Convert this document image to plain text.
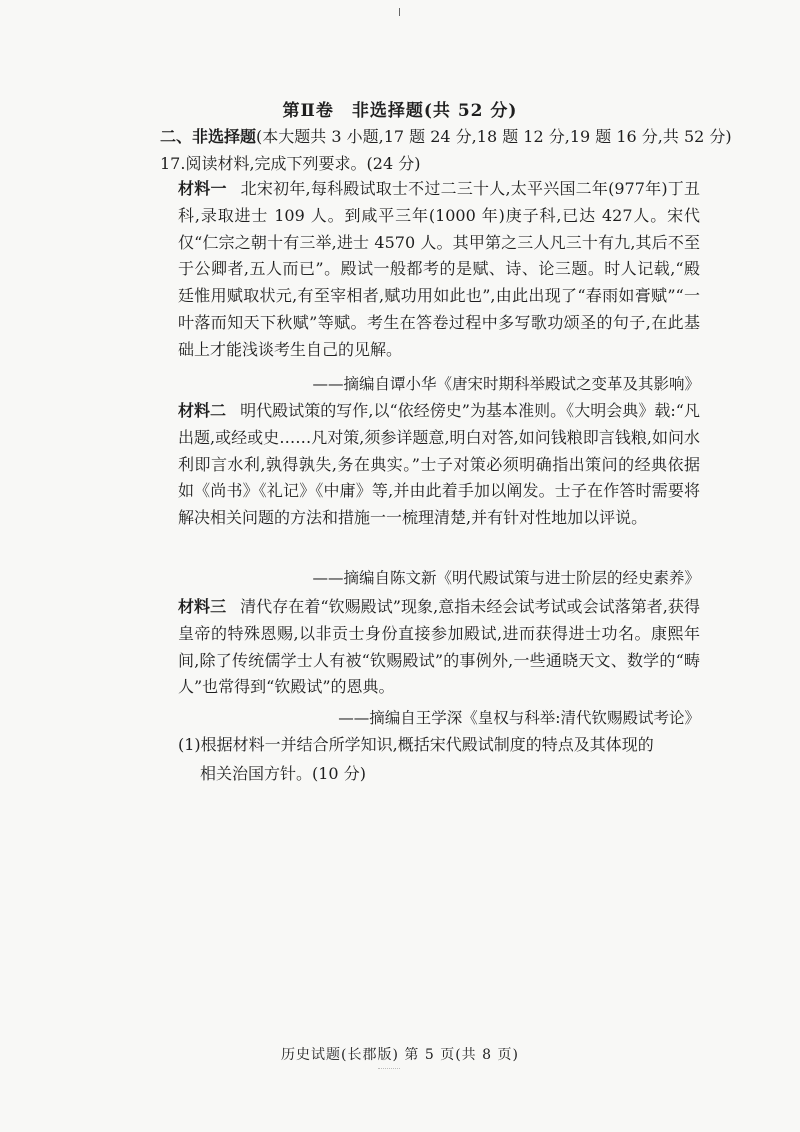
第Ⅱ卷　非选择题(共 52 分)
二、非选择题(本大题共 3 小题,17 题 24 分,18 题 12 分,19 题 16 分,共 52 分)
17.阅读材料,完成下列要求。(24 分)
材料一 北宋初年,每科殿试取士不过二三十人,太平兴国二年(977年)丁丑科,录取进士 109 人。到咸平三年(1000 年)庚子科,已达 427人。宋代仅“仁宗之朝十有三举,进士 4570 人。其甲第之三人凡三十有九,其后不至于公卿者,五人而已”。殿试一般都考的是赋、诗、论三题。时人记载,“殿廷惟用赋取状元,有至宰相者,赋功用如此也”,由此出现了“春雨如膏赋”“一叶落而知天下秋赋”等赋。考生在答卷过程中多写歌功颂圣的句子,在此基础上才能浅谈考生自己的见解。
——摘编自谭小华《唐宋时期科举殿试之变革及其影响》
材料二 明代殿试策的写作,以“依经傍史”为基本准则。《大明会典》载:“凡出题,或经或史……凡对策,须参详题意,明白对答,如问钱粮即言钱粮,如问水利即言水利,孰得孰失,务在典实。”士子对策必须明确指出策问的经典依据如《尚书》《礼记》《中庸》等,并由此着手加以阐发。士子在作答时需要将解决相关问题的方法和措施一一梳理清楚,并有针对性地加以评说。
——摘编自陈文新《明代殿试策与进士阶层的经史素养》
材料三 清代存在着“钦赐殿试”现象,意指未经会试考试或会试落第者,获得皇帝的特殊恩赐,以非贡士身份直接参加殿试,进而获得进士功名。康熙年间,除了传统儒学士人有被“钦赐殿试”的事例外,一些通晓天文、数学的“畴人”也常得到“钦殿试”的恩典。
——摘编自王学深《皇权与科举:清代钦赐殿试考论》
(1)根据材料一并结合所学知识,概括宋代殿试制度的特点及其体现的
相关治国方针。(10 分)
历史试题(长郡版) 第 5 页(共 8 页)
